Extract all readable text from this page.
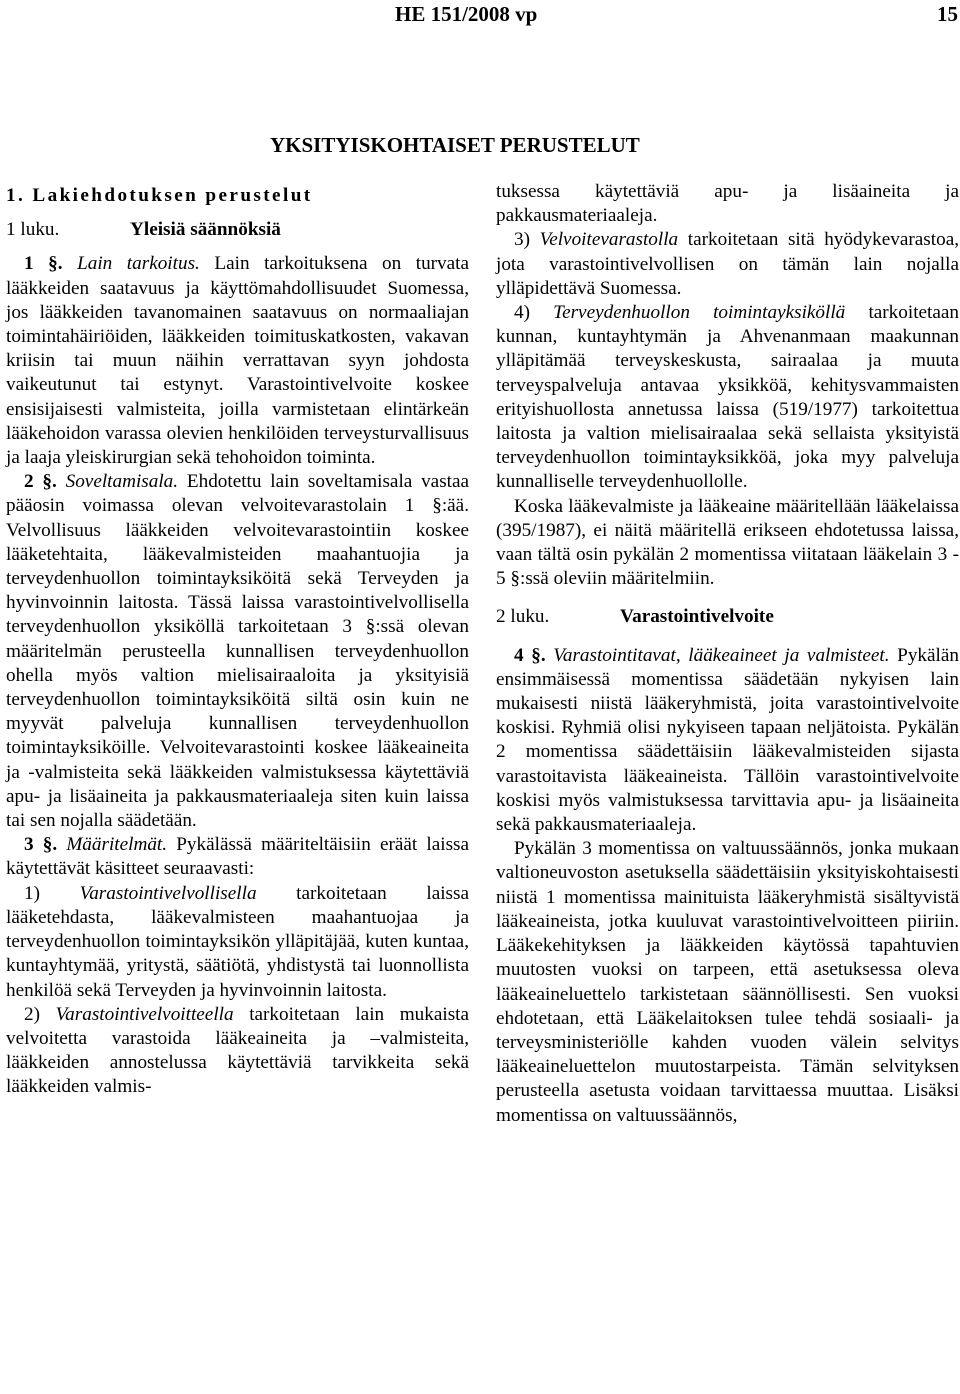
HE 151/2008 vp	15
YKSITYISKOHTAISET PERUSTELUT

1. Lakiehdotuksen perustelut

1 luku.	Yleisiä säännöksiä

1 §. Lain tarkoitus. Lain tarkoituksena on turvata lääkkeiden saatavuus ja käyttömahdollisuudet Suomessa, jos lääkkeiden tavanomainen saatavuus on normaaliajan toimintahäiriöiden, lääkkeiden toimituskatkosten, vakavan kriisin tai muun näihin verrattavan syyn johdosta vaikeutunut tai estynyt. Varastointivelvoite koskee ensisijaisesti valmisteita, joilla varmistetaan elintärkeän lääkehoidon varassa olevien henkilöiden terveysturvallisuus ja laaja yleiskirurgian sekä tehohoidon toiminta.

2 §. Soveltamisala. Ehdotettu lain soveltamisala vastaa pääosin voimassa olevan velvoitevarastolain 1 §:ää. Velvollisuus lääkkeiden velvoitevarastointiin koskee lääketehtaita, lääkevalmisteiden maahantuojia ja terveydenhuollon toimintayksiköitä sekä Terveyden ja hyvinvoinnin laitosta. Tässä laissa varastointivelvollisella terveydenhuollon yksiköllä tarkoitetaan 3 §:ssä olevan määritelmän perusteella kunnallisen terveydenhuollon ohella myös valtion mielisairaaloita ja yksityisiä terveydenhuollon toimintayksiköitä siltä osin kuin ne myyvät palveluja kunnallisen terveydenhuollon toimintayksiköille. Velvoitevarastointi koskee lääkeaineita ja -valmisteita sekä lääkkeiden valmistuksessa käytettäviä apu- ja lisäaineita ja pakkausmateriaaleja siten kuin laissa tai sen nojalla säädetään.

3 §. Määritelmät. Pykälässä määriteltäisiin eräät laissa käytettävät käsitteet seuraavasti:

1) Varastointivelvollisella tarkoitetaan laissa lääketehdasta, lääkevalmisteen maahantuojaa ja terveydenhuollon toimintayksikön ylläpitäjää, kuten kuntaa, kuntayhtymää, yritystä, säätiötä, yhdistystä tai luonnollista henkilöä sekä Terveyden ja hyvinvoinnin laitosta.

2) Varastointivelvoitteella tarkoitetaan lain mukaista velvoitetta varastoida lääkeaineita ja –valmisteita, lääkkeiden annostelussa käytettäviä tarvikkeita sekä lääkkeiden valmis-

tuksessa käytettäviä apu- ja lisäaineita ja pakkausmateriaaleja.

3) Velvoitevarastolla tarkoitetaan sitä hyödykevarastoa, jota varastointivelvollisen on tämän lain nojalla ylläpidettävä Suomessa.

4) Terveydenhuollon toimintayksiköllä tarkoitetaan kunnan, kuntayhtymän ja Ahvenanmaan maakunnan ylläpitämää terveyskeskusta, sairaalaa ja muuta terveyspalveluja antavaa yksikköä, kehitysvammaisten erityishuollosta annetussa laissa (519/1977) tarkoitettua laitosta ja valtion mielisairaalaa sekä sellaista yksityistä terveydenhuollon toimintayksikköä, joka myy palveluja kunnalliselle terveydenhuollolle.

Koska lääkevalmiste ja lääkeaine määritellään lääkelaissa (395/1987), ei näitä määritellä erikseen ehdotetussa laissa, vaan tältä osin pykälän 2 momentissa viitataan lääkelain 3 - 5 §:ssä oleviin määritelmiin.

2 luku.	Varastointivelvoite

4 §. Varastointitavat, lääkeaineet ja valmisteet. Pykälän ensimmäisessä momentissa säädetään nykyisen lain mukaisesti niistä lääkeryhmistä, joita varastointivelvoite koskisi. Ryhmiä olisi nykyiseen tapaan neljätoista. Pykälän 2 momentissa säädettäisiin lääkevalmisteiden sijasta varastoitavista lääkeaineista. Tällöin varastointivelvoite koskisi myös valmistuksessa tarvittavia apu- ja lisäaineita sekä pakkausmateriaaleja.

Pykälän 3 momentissa on valtuussäännös, jonka mukaan valtioneuvoston asetuksella säädettäisiin yksityiskohtaisesti niistä 1 momentissa mainituista lääkeryhmistä sisältyvistä lääkeaineista, jotka kuuluvat varastointivelvoitteen piiriin. Lääkekehityksen ja lääkkeiden käytössä tapahtuvien muutosten vuoksi on tarpeen, että asetuksessa oleva lääkeaineluettelo tarkistetaan säännöllisesti. Sen vuoksi ehdotetaan, että Lääkelaitoksen tulee tehdä sosiaali- ja terveysministeriölle kahden vuoden välein selvitys lääkeaineluettelon muutostarpeista. Tämän selvityksen perusteella asetusta voidaan tarvittaessa muuttaa. Lisäksi momentissa on valtuussäännös,
